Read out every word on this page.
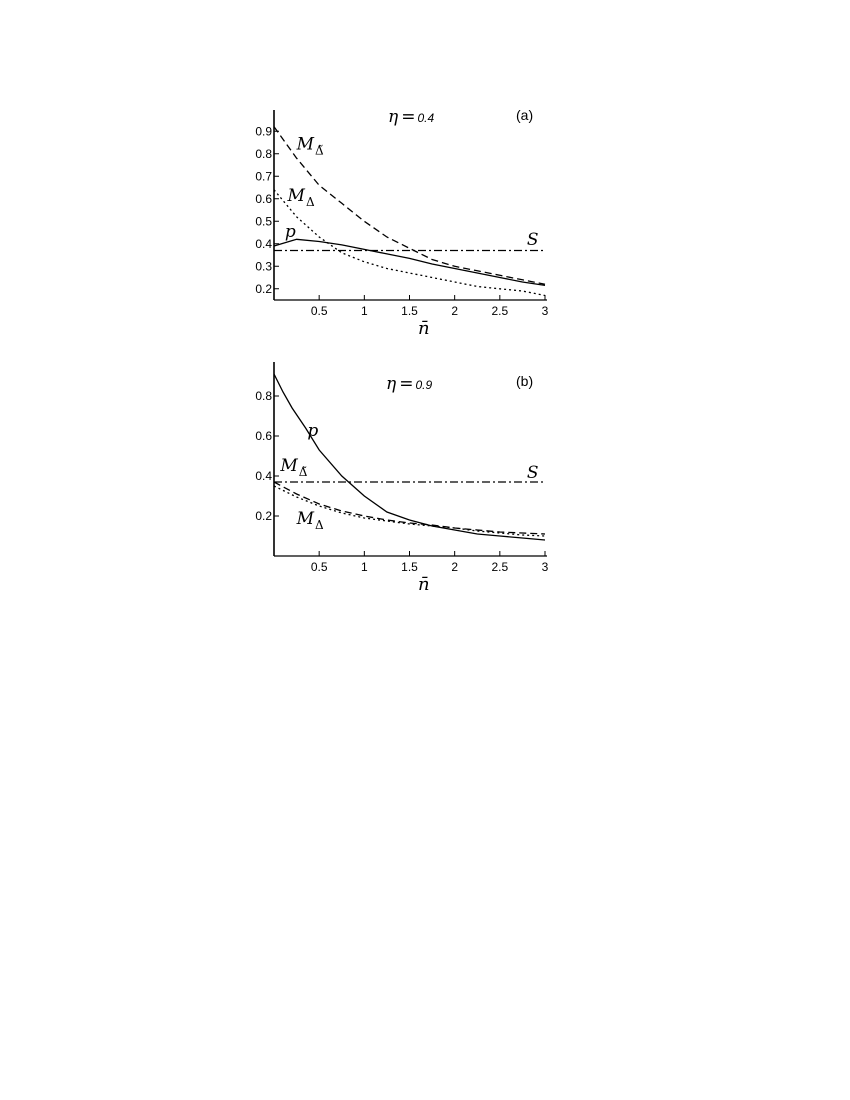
η = 0.4	(a)
n̄
0.5	1	1.5	2	2.5	3
0.2
0.3
0.4
0.5
0.6
0.7
0.8
0.9
$M_{\Deltã}$
$M_\Delta$
p	S
η = 0.9	(b)
n̄
0.5	1	1.5	2	2.5	3
0.2
0.4
0.6
0.8
p
$M_{\Deltã}$
$M_\Delta$
S
